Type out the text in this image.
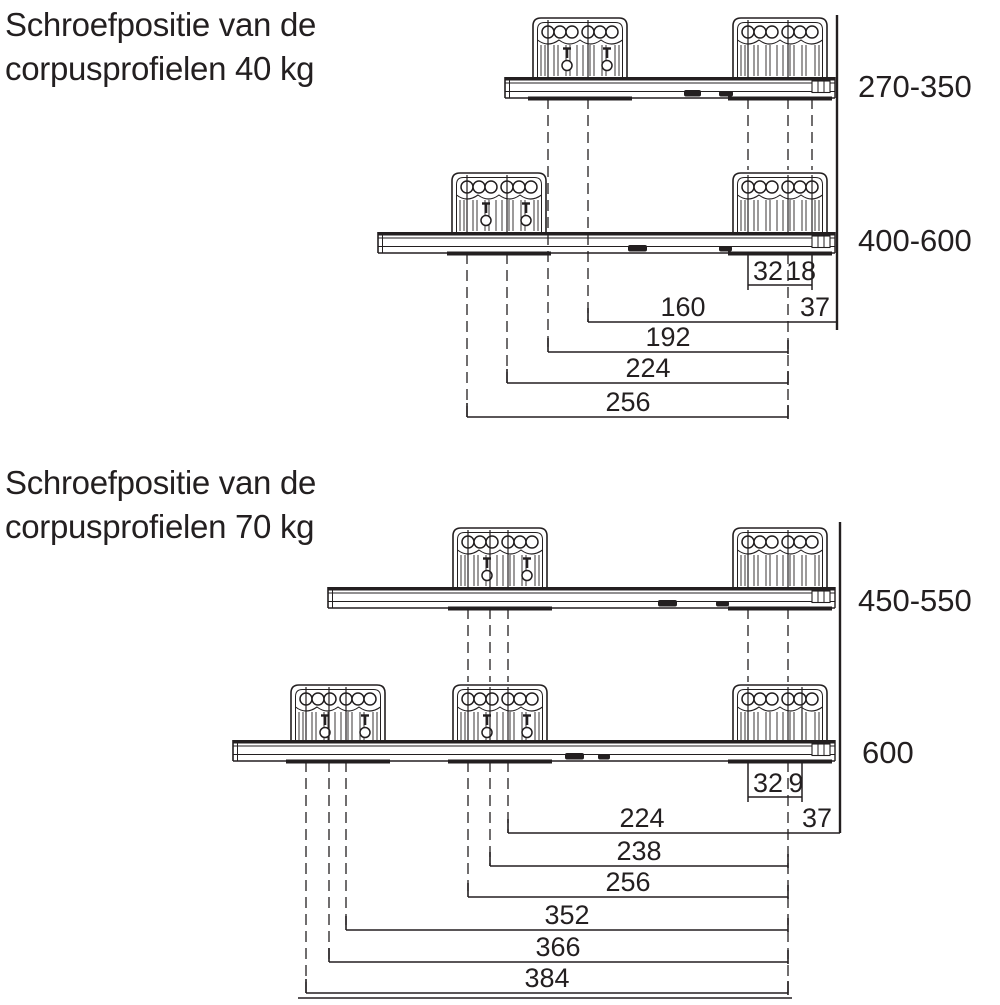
Schroefpositie van de
corpusprofielen 40 kg
32 18
160	37
192
224
256
270-350
400-600
Schroefpositie van de
corpusprofielen 70 kg
32 9
224	37
238
256
352
366
384
450-550
600
